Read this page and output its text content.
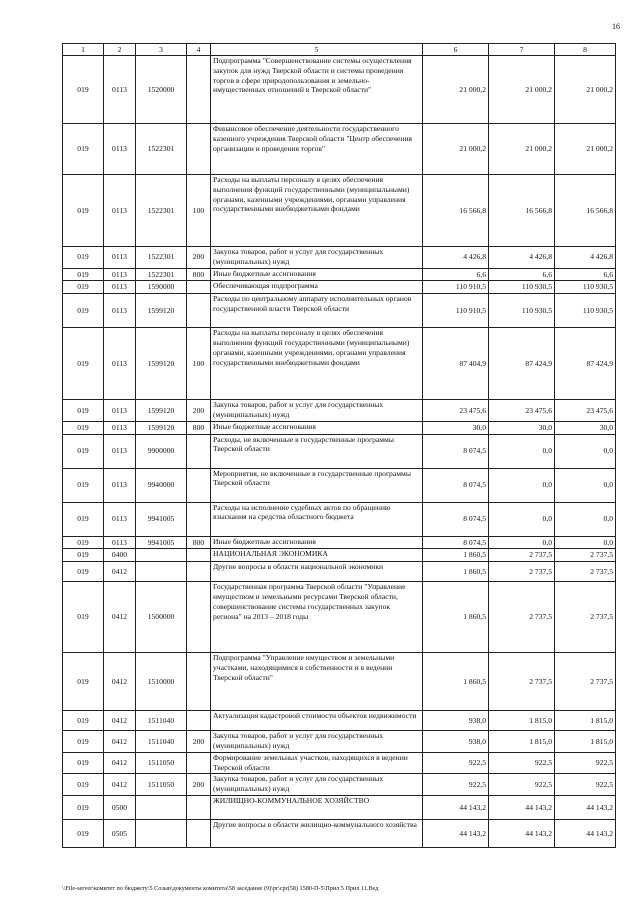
16
1	2	3	4	5	6	7	8
019	0113	1520000		Подпрограмма "Совершенствование системы осуществления закупок для нужд Тверской области и системы проведения торгов в сфере природопользования и земельно-имущественных отношений в Тверской области"	21 000,2	21 000,2	21 000,2
019	0113	1522301		Финансовое обеспечение деятельности государственного казенного учреждения Тверской области "Центр обеспечения организации и проведения торгов"	21 000,2	21 000,2	21 000,2
019	0113	1522301	100	Расходы на выплаты персоналу в целях обеспечения выполнения функций государственными (муниципальными) органами, казенными учреждениями, органами управления государственными внебюджетными фондами	16 566,8	16 566,8	16 566,8
019	0113	1522301	200	Закупка товаров, работ и услуг для государственных (муниципальных) нужд	4 426,8	4 426,8	4 426,8
019	0113	1522301	800	Иные бюджетные ассигнования	6,6	6,6	6,6
019	0113	1590000		Обеспечивающая подпрограмма	110 910,5	110 930,5	110 930,5
019	0113	1599120		Расходы по центральному аппарату исполнительных органов государственной власти Тверской области	110 910,5	110 930,5	110 930,5
019	0113	1599120	100	Расходы на выплаты персоналу в целях обеспечения выполнения функций государственными (муниципальными) органами, казенными учреждениями, органами управления государственными внебюджетными фондами	87 404,9	87 424,9	87 424,9
019	0113	1599120	200	Закупка товаров, работ и услуг для государственных (муниципальных) нужд	23 475,6	23 475,6	23 475,6
019	0113	1599120	800	Иные бюджетные ассигнования	30,0	30,0	30,0
019	0113	9900000		Расходы, не включенные в государственные программы Тверской области	8 074,5	0,0	0,0
019	0113	9940000		Мероприятия, не включенные в государственные программы Тверской области	8 074,5	0,0	0,0
019	0113	9941005		Расходы на исполнение судебных актов по обращению взыскания на средства областного бюджета	8 074,5	0,0	0,0
019	0113	9941005	800	Иные бюджетные ассигнования	8 074,5	0,0	0,0
019	0400			НАЦИОНАЛЬНАЯ ЭКОНОМИКА	1 860,5	2 737,5	2 737,5
019	0412			Другие вопросы в области национальной экономики	1 860,5	2 737,5	2 737,5
019	0412	1500000		Государственная программа Тверской области "Управление имуществом и земельными ресурсами Тверской области, совершенствование системы государственных закупок региона" на 2013 – 2018 годы	1 860,5	2 737,5	2 737,5
019	0412	1510000		Подпрограмма "Управление имуществом и земельными участками, находящимися в собственности и в ведении Тверской области"	1 860,5	2 737,5	2 737,5
019	0412	1511040		Актуализация кадастровой стоимости объектов недвижимости	938,0	1 815,0	1 815,0
019	0412	1511040	200	Закупка товаров, работ и услуг для государственных (муниципальных) нужд	938,0	1 815,0	1 815,0
019	0412	1511050		Формирование земельных участков, находящихся в ведении Тверской области	922,5	922,5	922,5
019	0412	1511050	200	Закупка товаров, работ и услуг для государственных (муниципальных) нужд	922,5	922,5	922,5
019	0500			ЖИЛИЩНО-КОММУНАЛЬНОЕ ХОЗЯЙСТВО	44 143,2	44 143,2	44 143,2
019	0505			Другие вопросы в области жилищно-коммунального хозяйства	44 143,2	44 143,2	44 143,2
\\File-server\комитет по бюджету\5 Созыв\документы комитета\58 заседание (9)\pr\cpr(58) 1580-П-5\Прил 5 Прил 11.Вед
